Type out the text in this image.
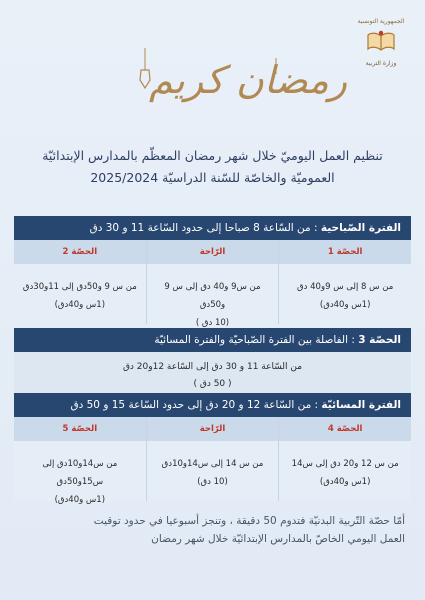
الجمهورية التونسية
وزارة التربية
رمضان كريم
تنظيم العمل اليوميّ خلال شهر رمضان المعظّم بالمدارس الإبتدائيّة
العموميّة والخاصّة للسّنة الدراسيّة 2025/2024
الفترة الصّباحية : من السّاعة 8 صباحا إلى حدود السّاعة 11 و 30 دق
الحصّة 1
من س 8 إلى س 9و40 دق
(1س و40دق)
الرّاحة
من س9 و40 دق إلى س 9 و50دق
(10 دق )
الحصّة 2
من س 9 و50دق إلى 11و30دق
(1س و40دق)
الحصّة 3 : الفاصلة بين الفترة الصّباحيّة والفترة المسائيّة
من السّاعة 11 و 30 دق إلى السّاعة 12و20 دق
( 50 دق )
الفترة المسائيّة : من السّاعة 12 و 20 دق إلى حدود السّاعة 15 و 50 دق
الحصّة 4
من س 12 و20 دق إلى س14
(1س و40دق)
الرّاحة
من س 14 إلى س14و10دق
(10 دق)
الحصّة 5
من س14و10دق إلى س15و50دق
(1س و40دق)
أمّا حصّة التّربية البدنيّة فتدوم 50 دقيقة ، وتنجز أسبوعيا في حدود توقيت
العمل اليومي الخاصّ بالمدارس الإبتدائيّة خلال شهر رمضان
